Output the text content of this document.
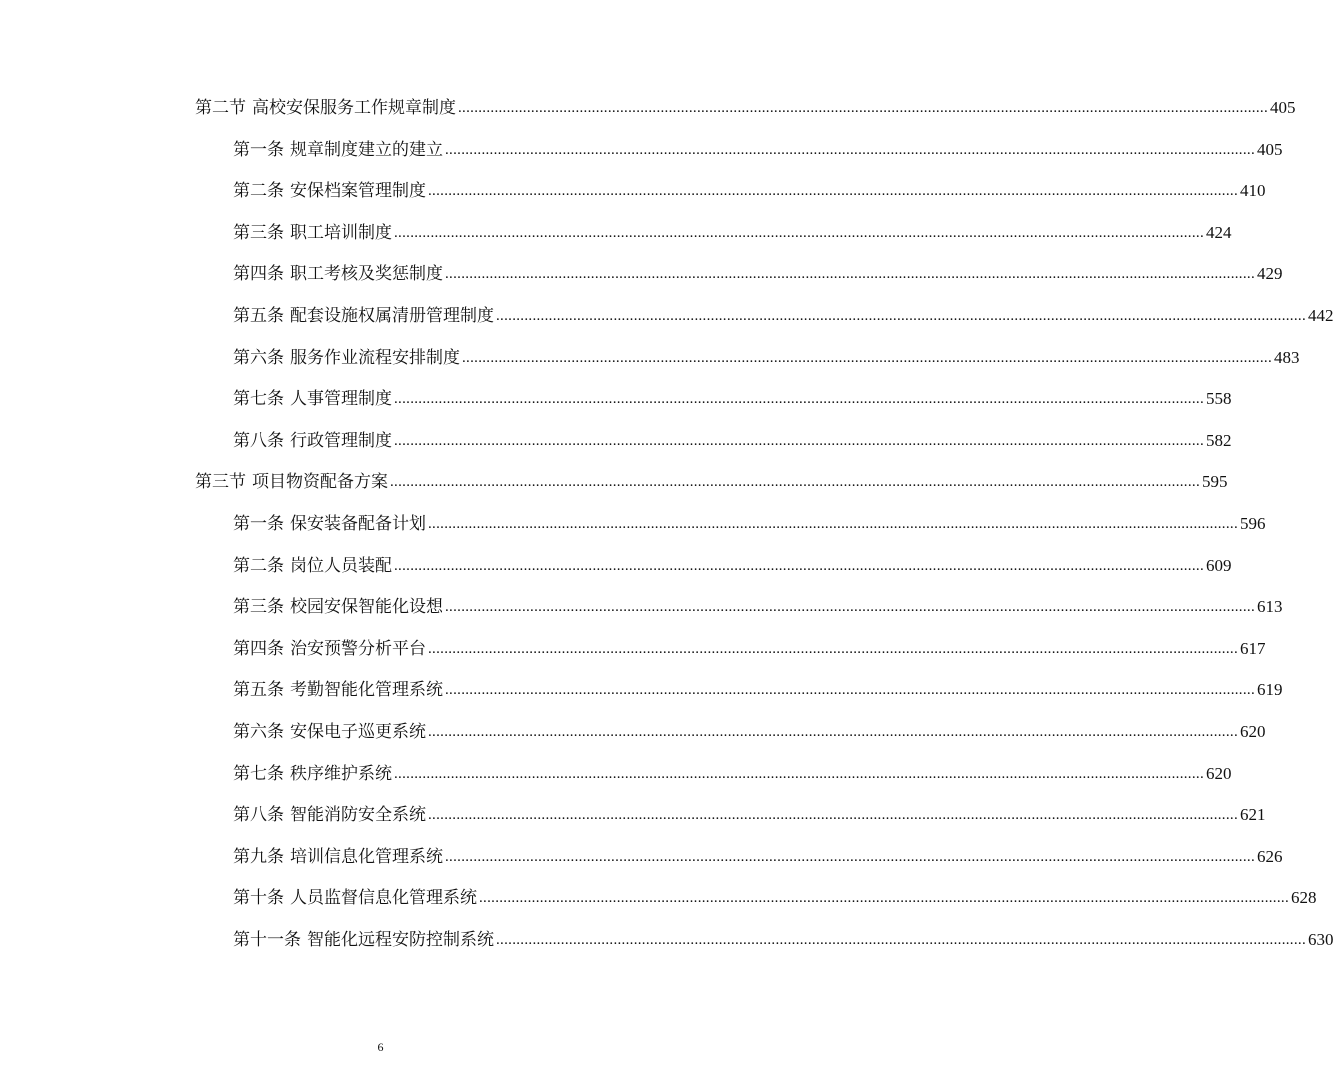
第二节 高校安保服务工作规章制度 ........................................................................................................................................................................................................ 405
第一条 规章制度建立的建立 ........................................................................................................................................................................................................ 405
第二条 安保档案管理制度 ........................................................................................................................................................................................................ 410
第三条 职工培训制度 ........................................................................................................................................................................................................ 424
第四条 职工考核及奖惩制度 ........................................................................................................................................................................................................ 429
第五条 配套设施权属清册管理制度 ........................................................................................................................................................................................................ 442
第六条 服务作业流程安排制度 ........................................................................................................................................................................................................ 483
第七条 人事管理制度 ........................................................................................................................................................................................................ 558
第八条 行政管理制度 ........................................................................................................................................................................................................ 582
第三节 项目物资配备方案 ........................................................................................................................................................................................................ 595
第一条 保安装备配备计划 ........................................................................................................................................................................................................ 596
第二条 岗位人员装配 ........................................................................................................................................................................................................ 609
第三条 校园安保智能化设想 ........................................................................................................................................................................................................ 613
第四条 治安预警分析平台 ........................................................................................................................................................................................................ 617
第五条 考勤智能化管理系统 ........................................................................................................................................................................................................ 619
第六条 安保电子巡更系统 ........................................................................................................................................................................................................ 620
第七条 秩序维护系统 ........................................................................................................................................................................................................ 620
第八条 智能消防安全系统 ........................................................................................................................................................................................................ 621
第九条 培训信息化管理系统 ........................................................................................................................................................................................................ 626
第十条 人员监督信息化管理系统 ........................................................................................................................................................................................................ 628
第十一条 智能化远程安防控制系统 ........................................................................................................................................................................................................ 630
6
